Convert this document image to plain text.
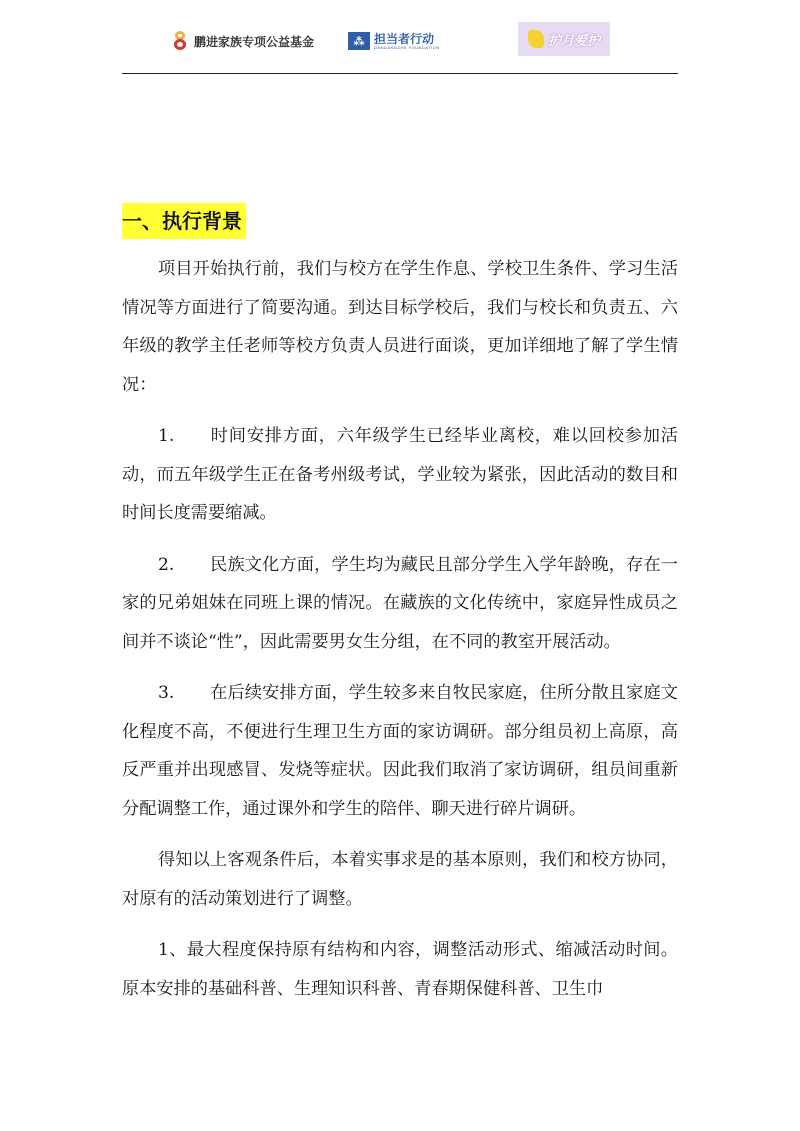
鹏进家族专项公益基金	⁂ 担当者行动
DANDANGZHE FOUNDATION	护月爱护
一、执行背景

项目开始执行前，我们与校方在学生作息、学校卫生条件、学习生活情况等方面进行了简要沟通。到达目标学校后，我们与校长和负责五、六年级的教学主任老师等校方负责人员进行面谈，更加详细地了解了学生情况：

1. 时间安排方面，六年级学生已经毕业离校，难以回校参加活动，而五年级学生正在备考州级考试，学业较为紧张，因此活动的数目和时间长度需要缩减。

2. 民族文化方面，学生均为藏民且部分学生入学年龄晚，存在一家的兄弟姐妹在同班上课的情况。在藏族的文化传统中，家庭异性成员之间并不谈论“性”，因此需要男女生分组，在不同的教室开展活动。

3. 在后续安排方面，学生较多来自牧民家庭，住所分散且家庭文化程度不高，不便进行生理卫生方面的家访调研。部分组员初上高原，高反严重并出现感冒、发烧等症状。因此我们取消了家访调研，组员间重新分配调整工作，通过课外和学生的陪伴、聊天进行碎片调研。

得知以上客观条件后，本着实事求是的基本原则，我们和校方协同，对原有的活动策划进行了调整。

1、最大程度保持原有结构和内容，调整活动形式、缩减活动时间。原本安排的基础科普、生理知识科普、青春期保健科普、卫生巾
